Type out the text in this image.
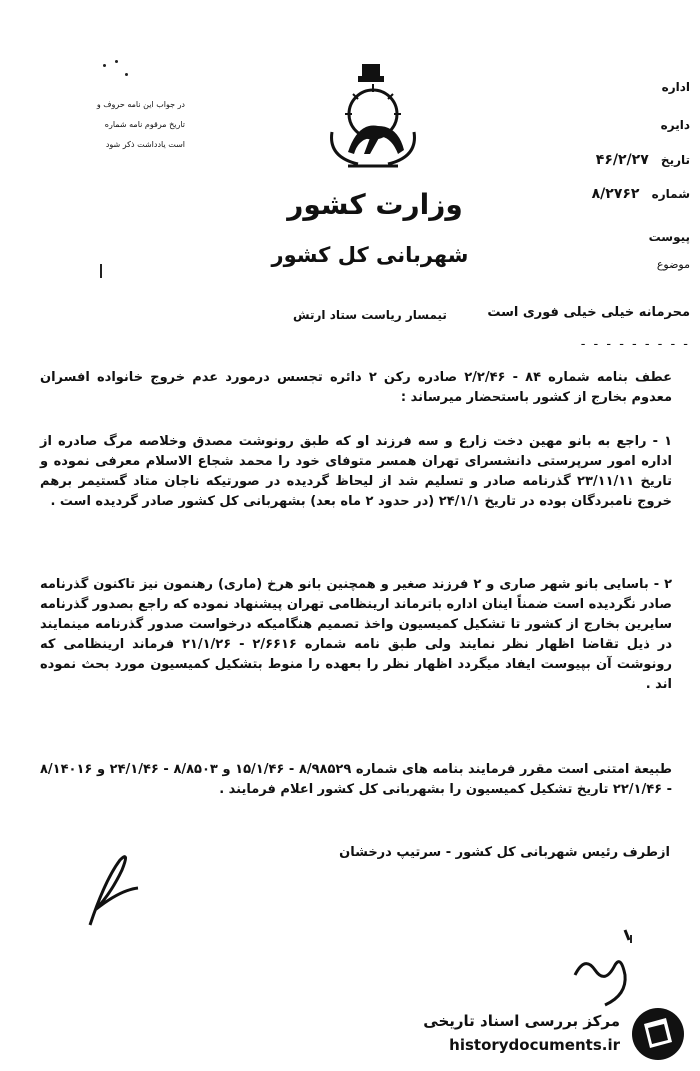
در جواب این نامه حروف و
تاریخ مرقوم نامه شماره
است یادداشت ذکر شود
وزارت کشور
شهربانی کل کشور
تیمسار ریاست ستاد ارتش
اداره
دایره
تاریخ ۴۶/۲/۲۷
شماره ۸/۲۷۶۲
پیوست
موضوع
محرمانه خیلی خیلی فوری است
- - - - - - - - -
عطف بنامه شماره ۸۴ - ۲/۲/۴۶ صادره رکن ۲ دائره تجسس درمورد عدم خروج خانواده افسران معدوم بخارج از کشور باستحضار میرساند :
۱ - راجع به بانو مهین دخت زارع و سه فرزند او که طبق رونوشت مصدق وخلاصه مرگ صادره از اداره امور سرپرستی دانشسرای تهران همسر متوفای خود را محمد شجاع الاسلام معرفی نموده و تاریخ ۲۳/۱۱/۱۱ گذرنامه صادر و تسلیم شد از لیحاظ گردیده در صورتیکه ناجان متاد گستیمر برهم خروج نامبردگان بوده در تاریخ ۲۴/۱/۱ (در حدود ۲ ماه بعد) بشهربانی کل کشور صادر گردیده است .
۲ - باسایی بانو شهر صاری و ۲ فرزند صغیر و همچنین بانو هرخ (ماری) رهنمون نیز تاکنون گذرنامه صادر نگردیده است ضمناً اینان اداره باترماند ارینظامی تهران پیشنهاد نموده که راجع بصدور گذرنامه سایرین بخارج از کشور تا تشکیل کمیسیون واخذ تصمیم هنگامیکه درخواست صدور گذرنامه مینمایند در ذیل تقاضا اظهار نظر نمایند ولی طبق نامه شماره ۲/۶۶۱۶ - ۲۱/۱/۲۶ فرماند ارینظامی که رونوشت آن بپیوست ایفاد میگردد اظهار نظر را بعهده را منوط بتشکیل کمیسیون مورد بحث نموده اند .
طبیعة امتنی است مقرر فرمایند بنامه های شماره ۸/۹۸۵۲۹ - ۱۵/۱/۴۶ و ۸/۸۵۰۳ - ۲۴/۱/۴۶ و ۸/۱۴۰۱۶ - ۲۲/۱/۴۶ تاریخ تشکیل کمیسیون را بشهربانی کل کشور اعلام فرمایند .
ازطرف رئیس شهربانی کل کشور - سرتیپ درخشان
مرکز بررسی اسناد تاریخی
historydocuments.ir
